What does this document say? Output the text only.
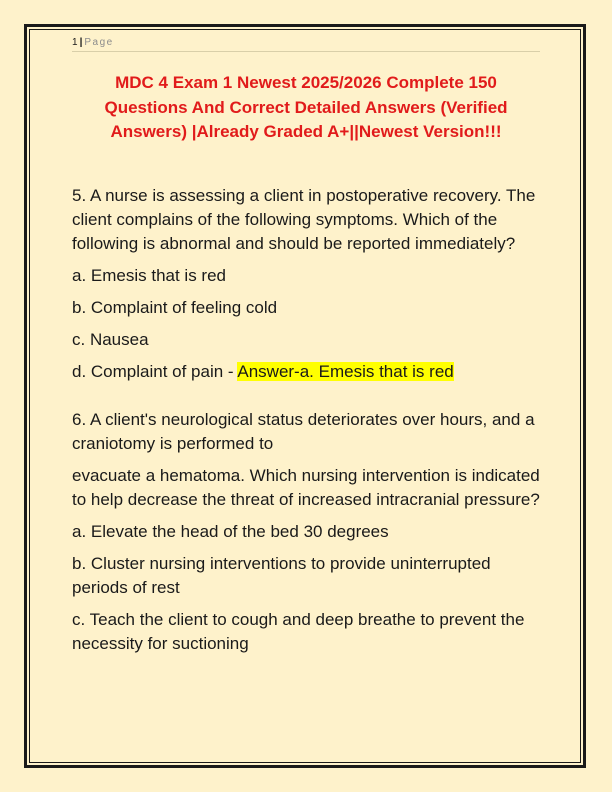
1 | Page
MDC 4 Exam 1 Newest 2025/2026 Complete 150 Questions And Correct Detailed Answers (Verified Answers) |Already Graded A+||Newest Version!!!

5. A nurse is assessing a client in postoperative recovery. The client complains of the following symptoms. Which of the following is abnormal and should be reported immediately?

a. Emesis that is red

b. Complaint of feeling cold

c. Nausea

d. Complaint of pain - Answer-a. Emesis that is red

6. A client's neurological status deteriorates over hours, and a craniotomy is performed to

evacuate a hematoma. Which nursing intervention is indicated to help decrease the threat of increased intracranial pressure?

a. Elevate the head of the bed 30 degrees

b. Cluster nursing interventions to provide uninterrupted periods of rest

c. Teach the client to cough and deep breathe to prevent the necessity for suctioning
